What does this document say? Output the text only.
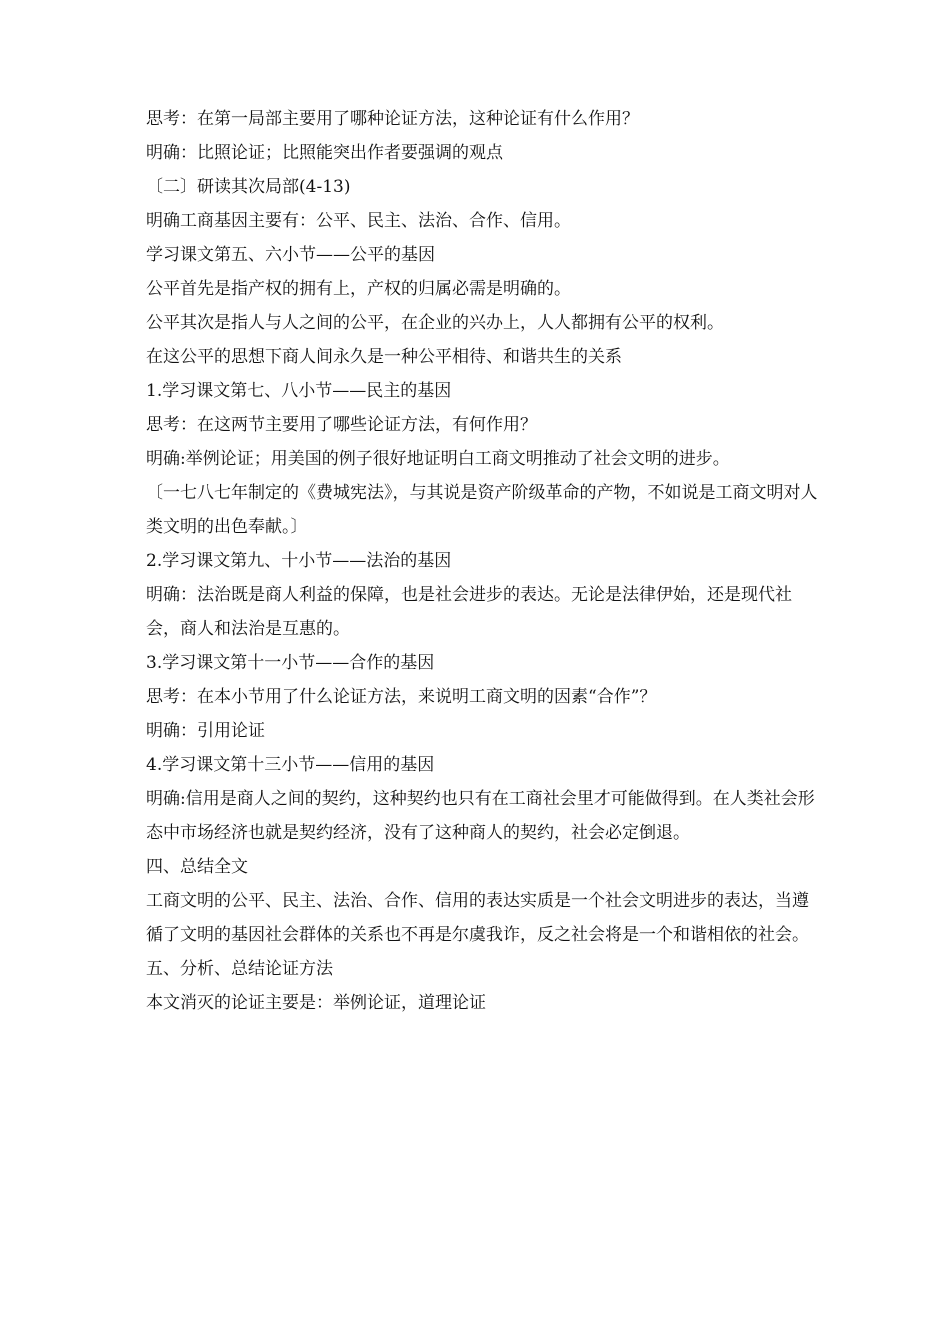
思考：在第一局部主要用了哪种论证方法，这种论证有什么作用？
明确：比照论证；比照能突出作者要强调的观点
〔二〕研读其次局部(4-13)
明确工商基因主要有：公平、民主、法治、合作、信用。
学习课文第五、六小节——公平的基因
公平首先是指产权的拥有上，产权的归属必需是明确的。
公平其次是指人与人之间的公平，在企业的兴办上，人人都拥有公平的权利。
在这公平的思想下商人间永久是一种公平相待、和谐共生的关系
1.学习课文第七、八小节——民主的基因
思考：在这两节主要用了哪些论证方法，有何作用？
明确:举例论证；用美国的例子很好地证明白工商文明推动了社会文明的进步。
〔一七八七年制定的《费城宪法》，与其说是资产阶级革命的产物，不如说是工商文明对人类文明的出色奉献。〕
2.学习课文第九、十小节——法治的基因
明确：法治既是商人利益的保障，也是社会进步的表达。无论是法律伊始，还是现代社会，商人和法治是互惠的。
3.学习课文第十一小节——合作的基因
思考：在本小节用了什么论证方法，来说明工商文明的因素“合作”？
明确：引用论证
4.学习课文第十三小节——信用的基因
明确:信用是商人之间的契约，这种契约也只有在工商社会里才可能做得到。在人类社会形态中市场经济也就是契约经济，没有了这种商人的契约，社会必定倒退。
四、总结全文
工商文明的公平、民主、法治、合作、信用的表达实质是一个社会文明进步的表达，当遵循了文明的基因社会群体的关系也不再是尔虞我诈，反之社会将是一个和谐相依的社会。
五、分析、总结论证方法
本文消灭的论证主要是：举例论证，道理论证
